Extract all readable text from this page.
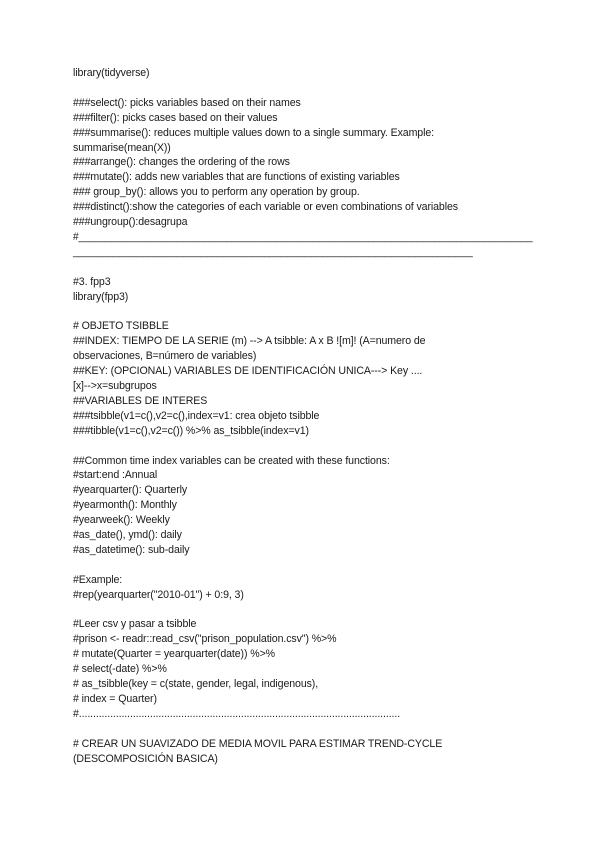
library(tidyverse)
###select(): picks variables based on their names
###filter(): picks cases based on their values
###summarise(): reduces multiple values down to a single summary. Example:
summarise(mean(X))
###arrange(): changes the ordering of the rows
###mutate(): adds new variables that are functions of existing variables
### group_by(): allows you to perform any operation by group.
###distinct():show the categories of each variable or even combinations of variables
###ungroup():desagrupa
#___________________________________________________________________________________
_____________________________________________________________________
#3. fpp3
library(fpp3)
# OBJETO TSIBBLE
##INDEX: TIEMPO DE LA SERIE (m) --> A tsibble: A x B ![m]! (A=numero de
observaciones, B=número de variables)
##KEY: (OPCIONAL) VARIABLES DE IDENTIFICACIÓN UNICA---> Key ....
[x]-->x=subgrupos
##VARIABLES DE INTERES
###tsibble(v1=c(),v2=c(),index=v1: crea objeto tsibble
###tibble(v1=c(),v2=c()) %>% as_tsibble(index=v1)
##Common time index variables can be created with these functions:
#start:end :Annual
#yearquarter(): Quarterly
#yearmonth(): Monthly
#yearweek(): Weekly
#as_date(), ymd(): daily
#as_datetime(): sub-daily
#Example:
#rep(yearquarter("2010-01") + 0:9, 3)
#Leer csv y pasar a tsibble
#prison <- readr::read_csv("prison_population.csv") %>%
# mutate(Quarter = yearquarter(date)) %>%
# select(-date) %>%
# as_tsibble(key = c(state, gender, legal, indigenous),
# index = Quarter)
#.................................................................................................................
# CREAR UN SUAVIZADO DE MEDIA MOVIL PARA ESTIMAR TREND-CYCLE
(DESCOMPOSICIÓN BASICA)
